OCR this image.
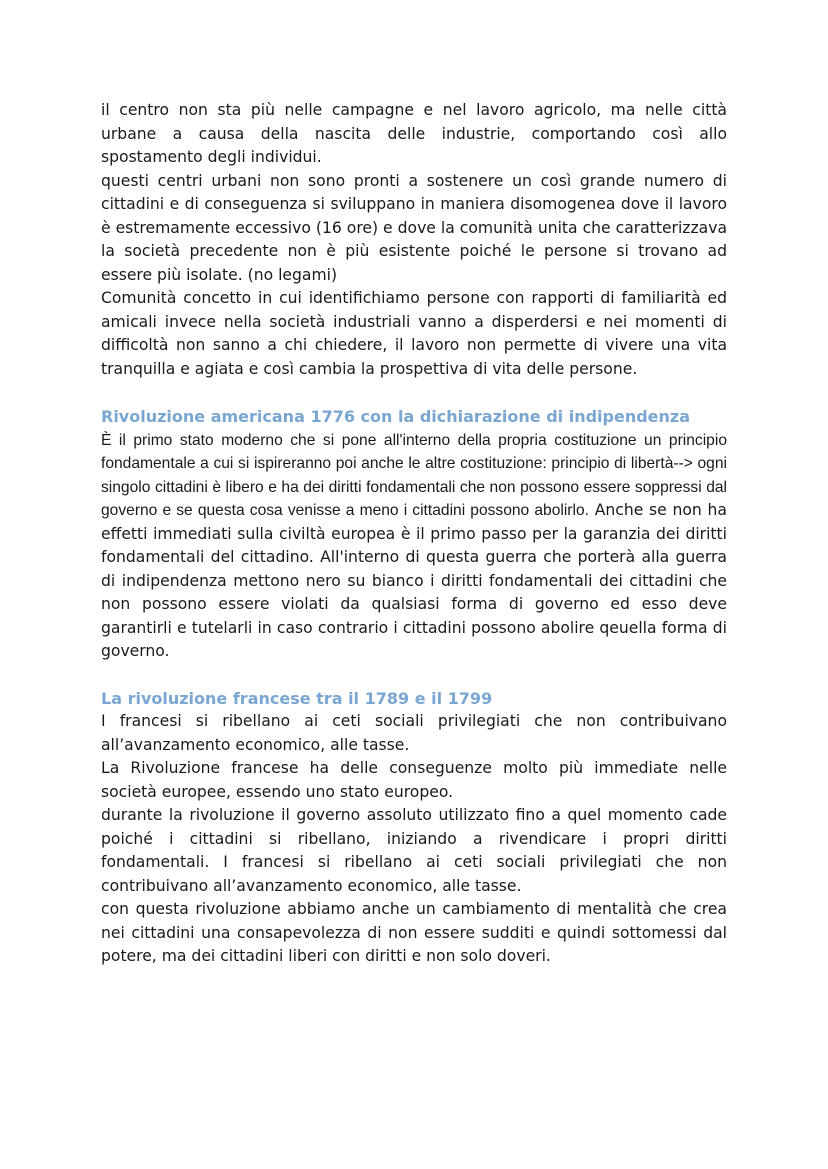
il centro non sta più nelle campagne e nel lavoro agricolo, ma nelle città urbane a causa della nascita delle industrie, comportando così allo spostamento degli individui.

questi centri urbani non sono pronti a sostenere un così grande numero di cittadini e di conseguenza si sviluppano in maniera disomogenea dove il lavoro è estremamente eccessivo (16 ore) e dove la comunità unita che caratterizzava la società precedente non è più esistente poiché le persone si trovano ad essere più isolate. (no legami)

Comunità concetto in cui identifichiamo persone con rapporti di familiarità ed amicali invece nella società industriali vanno a disperdersi e nei momenti di difficoltà non sanno a chi chiedere, il lavoro non permette di vivere una vita tranquilla e agiata e così cambia la prospettiva di vita delle persone.

Rivoluzione americana 1776 con la dichiarazione di indipendenza

È il primo stato moderno che si pone all'interno della propria costituzione un principio fondamentale a cui si ispireranno poi anche le altre costituzione: principio di libertà--> ogni singolo cittadini è libero e ha dei diritti fondamentali che non possono essere soppressi dal governo e se questa cosa venisse a meno i cittadini possono abolirlo. Anche se non ha effetti immediati sulla civiltà europea è il primo passo per la garanzia dei diritti fondamentali del cittadino. All'interno di questa guerra che porterà alla guerra di indipendenza mettono nero su bianco i diritti fondamentali dei cittadini che non possono essere violati da qualsiasi forma di governo ed esso deve garantirli e tutelarli in caso contrario i cittadini possono abolire qeuella forma di governo.

La rivoluzione francese tra il 1789 e il 1799

I francesi si ribellano ai ceti sociali privilegiati che non contribuivano all’avanzamento economico, alle tasse.

La Rivoluzione francese ha delle conseguenze molto più immediate nelle società europee, essendo uno stato europeo.

durante la rivoluzione il governo assoluto utilizzato fino a quel momento cade poiché i cittadini si ribellano, iniziando a rivendicare i propri diritti fondamentali. I francesi si ribellano ai ceti sociali privilegiati che non contribuivano all’avanzamento economico, alle tasse.

con questa rivoluzione abbiamo anche un cambiamento di mentalità che crea nei cittadini una consapevolezza di non essere sudditi e quindi sottomessi dal potere, ma dei cittadini liberi con diritti e non solo doveri.
